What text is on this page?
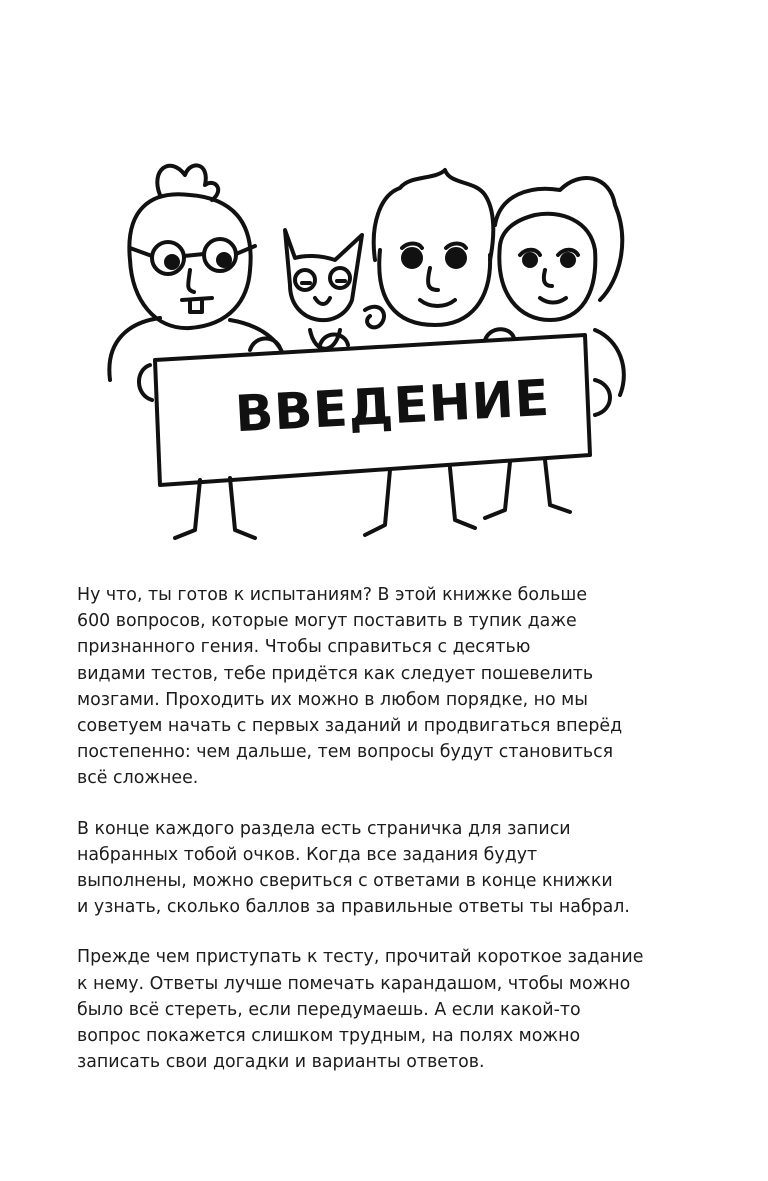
ВВЕДЕНИЕ

Ну что, ты готов к испытаниям? В этой книжке больше
600 вопросов, которые могут поставить в тупик даже
признанного гения. Чтобы справиться с десятью
видами тестов, тебе придётся как следует пошевелить
мозгами. Проходить их можно в любом порядке, но мы
советуем начать с первых заданий и продвигаться вперёд
постепенно: чем дальше, тем вопросы будут становиться
всё сложнее.

В конце каждого раздела есть страничка для записи
набранных тобой очков. Когда все задания будут
выполнены, можно свериться с ответами в конце книжки
и узнать, сколько баллов за правильные ответы ты набрал.

Прежде чем приступать к тесту, прочитай короткое задание
к нему. Ответы лучше помечать карандашом, чтобы можно
было всё стереть, если передумаешь. А если какой-то
вопрос покажется слишком трудным, на полях можно
записать свои догадки и варианты ответов.
